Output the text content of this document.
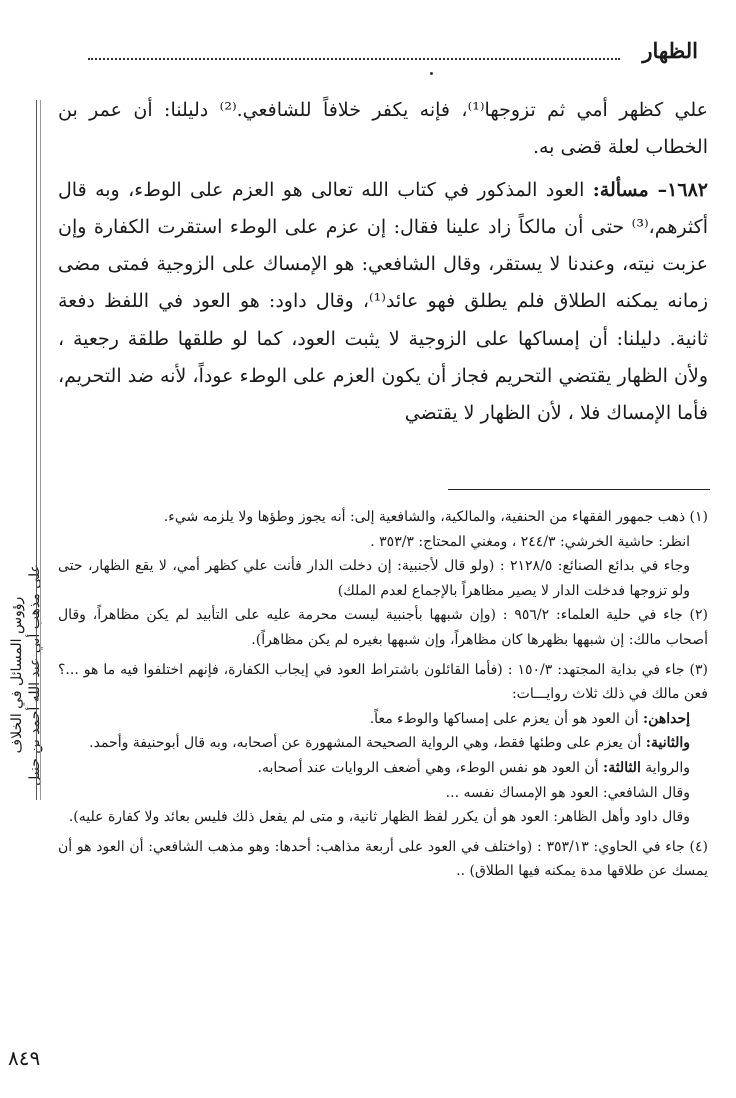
الظهار

علي كظهر أمي ثم تزوجها⁽¹⁾، فإنه يكفر خلافاً للشافعي.⁽²⁾ دليلنا: أن عمر بن الخطاب لعلة قضى به.

١٦٨٢– مسألة: العود المذكور في كتاب الله تعالى هو العزم على الوطء، وبه قال أكثرهم،⁽³⁾ حتى أن مالكاً زاد علينا فقال: إن عزم على الوطء استقرت الكفارة وإن عزبت نيته، وعندنا لا يستقر، وقال الشافعي: هو الإمساك على الزوجية فمتى مضى زمانه يمكنه الطلاق فلم يطلق فهو عائد⁽¹⁾، وقال داود: هو العود في اللفظ دفعة ثانية. دليلنا: أن إمساكها على الزوجية لا يثبت العود، كما لو طلقها طلقة رجعية ، ولأن الظهار يقتضي التحريم فجاز أن يكون العزم على الوطء عوداً، لأنه ضد التحريم، فأما الإمساك فلا ، لأن الظهار لا يقتضي

(١) ذهب جمهور الفقهاء من الحنفية، والمالكية، والشافعية إلى: أنه يجوز وطؤها ولا يلزمه شيء.

انظر: حاشية الخرشي: ٢٤٤/٣ ، ومغني المحتاج: ٣٥٣/٣ .

وجاء في بدائع الصنائع: ٢١٢٨/٥ : (ولو قال لأجنبية: إن دخلت الدار فأنت علي كظهر أمي، لا يقع الظهار، حتى ولو تزوجها فدخلت الدار لا يصير مظاهراً بالإجماع لعدم الملك)

(٢) جاء في حلية العلماء: ٩٥٦/٢ : (وإن شبهها بأجنبية ليست محرمة عليه على التأبيد لم يكن مظاهراً، وقال أصحاب مالك: إن شبهها بظهرها كان مظاهراً، وإن شبهها بغيره لم يكن مظاهراً).

(٣) جاء في بداية المجتهد: ١٥٠/٣ : (فأما القائلون باشتراط العود في إيجاب الكفارة، فإنهم اختلفوا فيه ما هو ...؟ فعن مالك في ذلك ثلاث روايـــات:

إحداهن: أن العود هو أن يعزم على إمساكها والوطء معاً.

والثانية: أن يعزم على وطئها فقط، وهي الرواية الصحيحة المشهورة عن أصحابه، وبه قال أبوحنيفة وأحمد.

والرواية الثالثة: أن العود هو نفس الوطء، وهي أضعف الروايات عند أصحابه.

وقال الشافعي: العود هو الإمساك نفسه ...

وقال داود وأهل الظاهر: العود هو أن يكرر لفظ الظهار ثانية، و متى لم يفعل ذلك فليس بعائد ولا كفارة عليه).

(٤) جاء في الحاوي: ٣٥٣/١٣ : (واختلف في العود على أربعة مذاهب: أحدها: وهو مذهب الشافعي: أن العود هو أن يمسك عن طلاقها مدة يمكنه فيها الطلاق) ..

رؤوس المسائل في الخلاف على مذهب أبي عبد الله أحمد بن حنبل
٨٤٩
